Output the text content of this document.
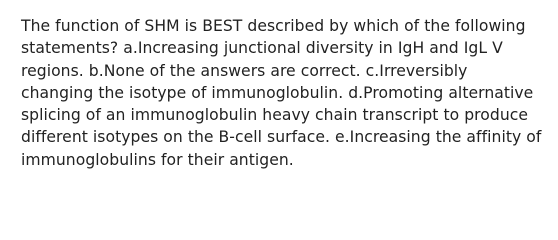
The function of SHM is BEST described by which of the following statements? a.Increasing junctional diversity in IgH and IgL V regions. b.None of the answers are correct. c.Irreversibly changing the isotype of immunoglobulin. d.Promoting alternative splicing of an immunoglobulin heavy chain transcript to produce different isotypes on the B-cell surface. e.Increasing the affinity of immunoglobulins for their antigen.
